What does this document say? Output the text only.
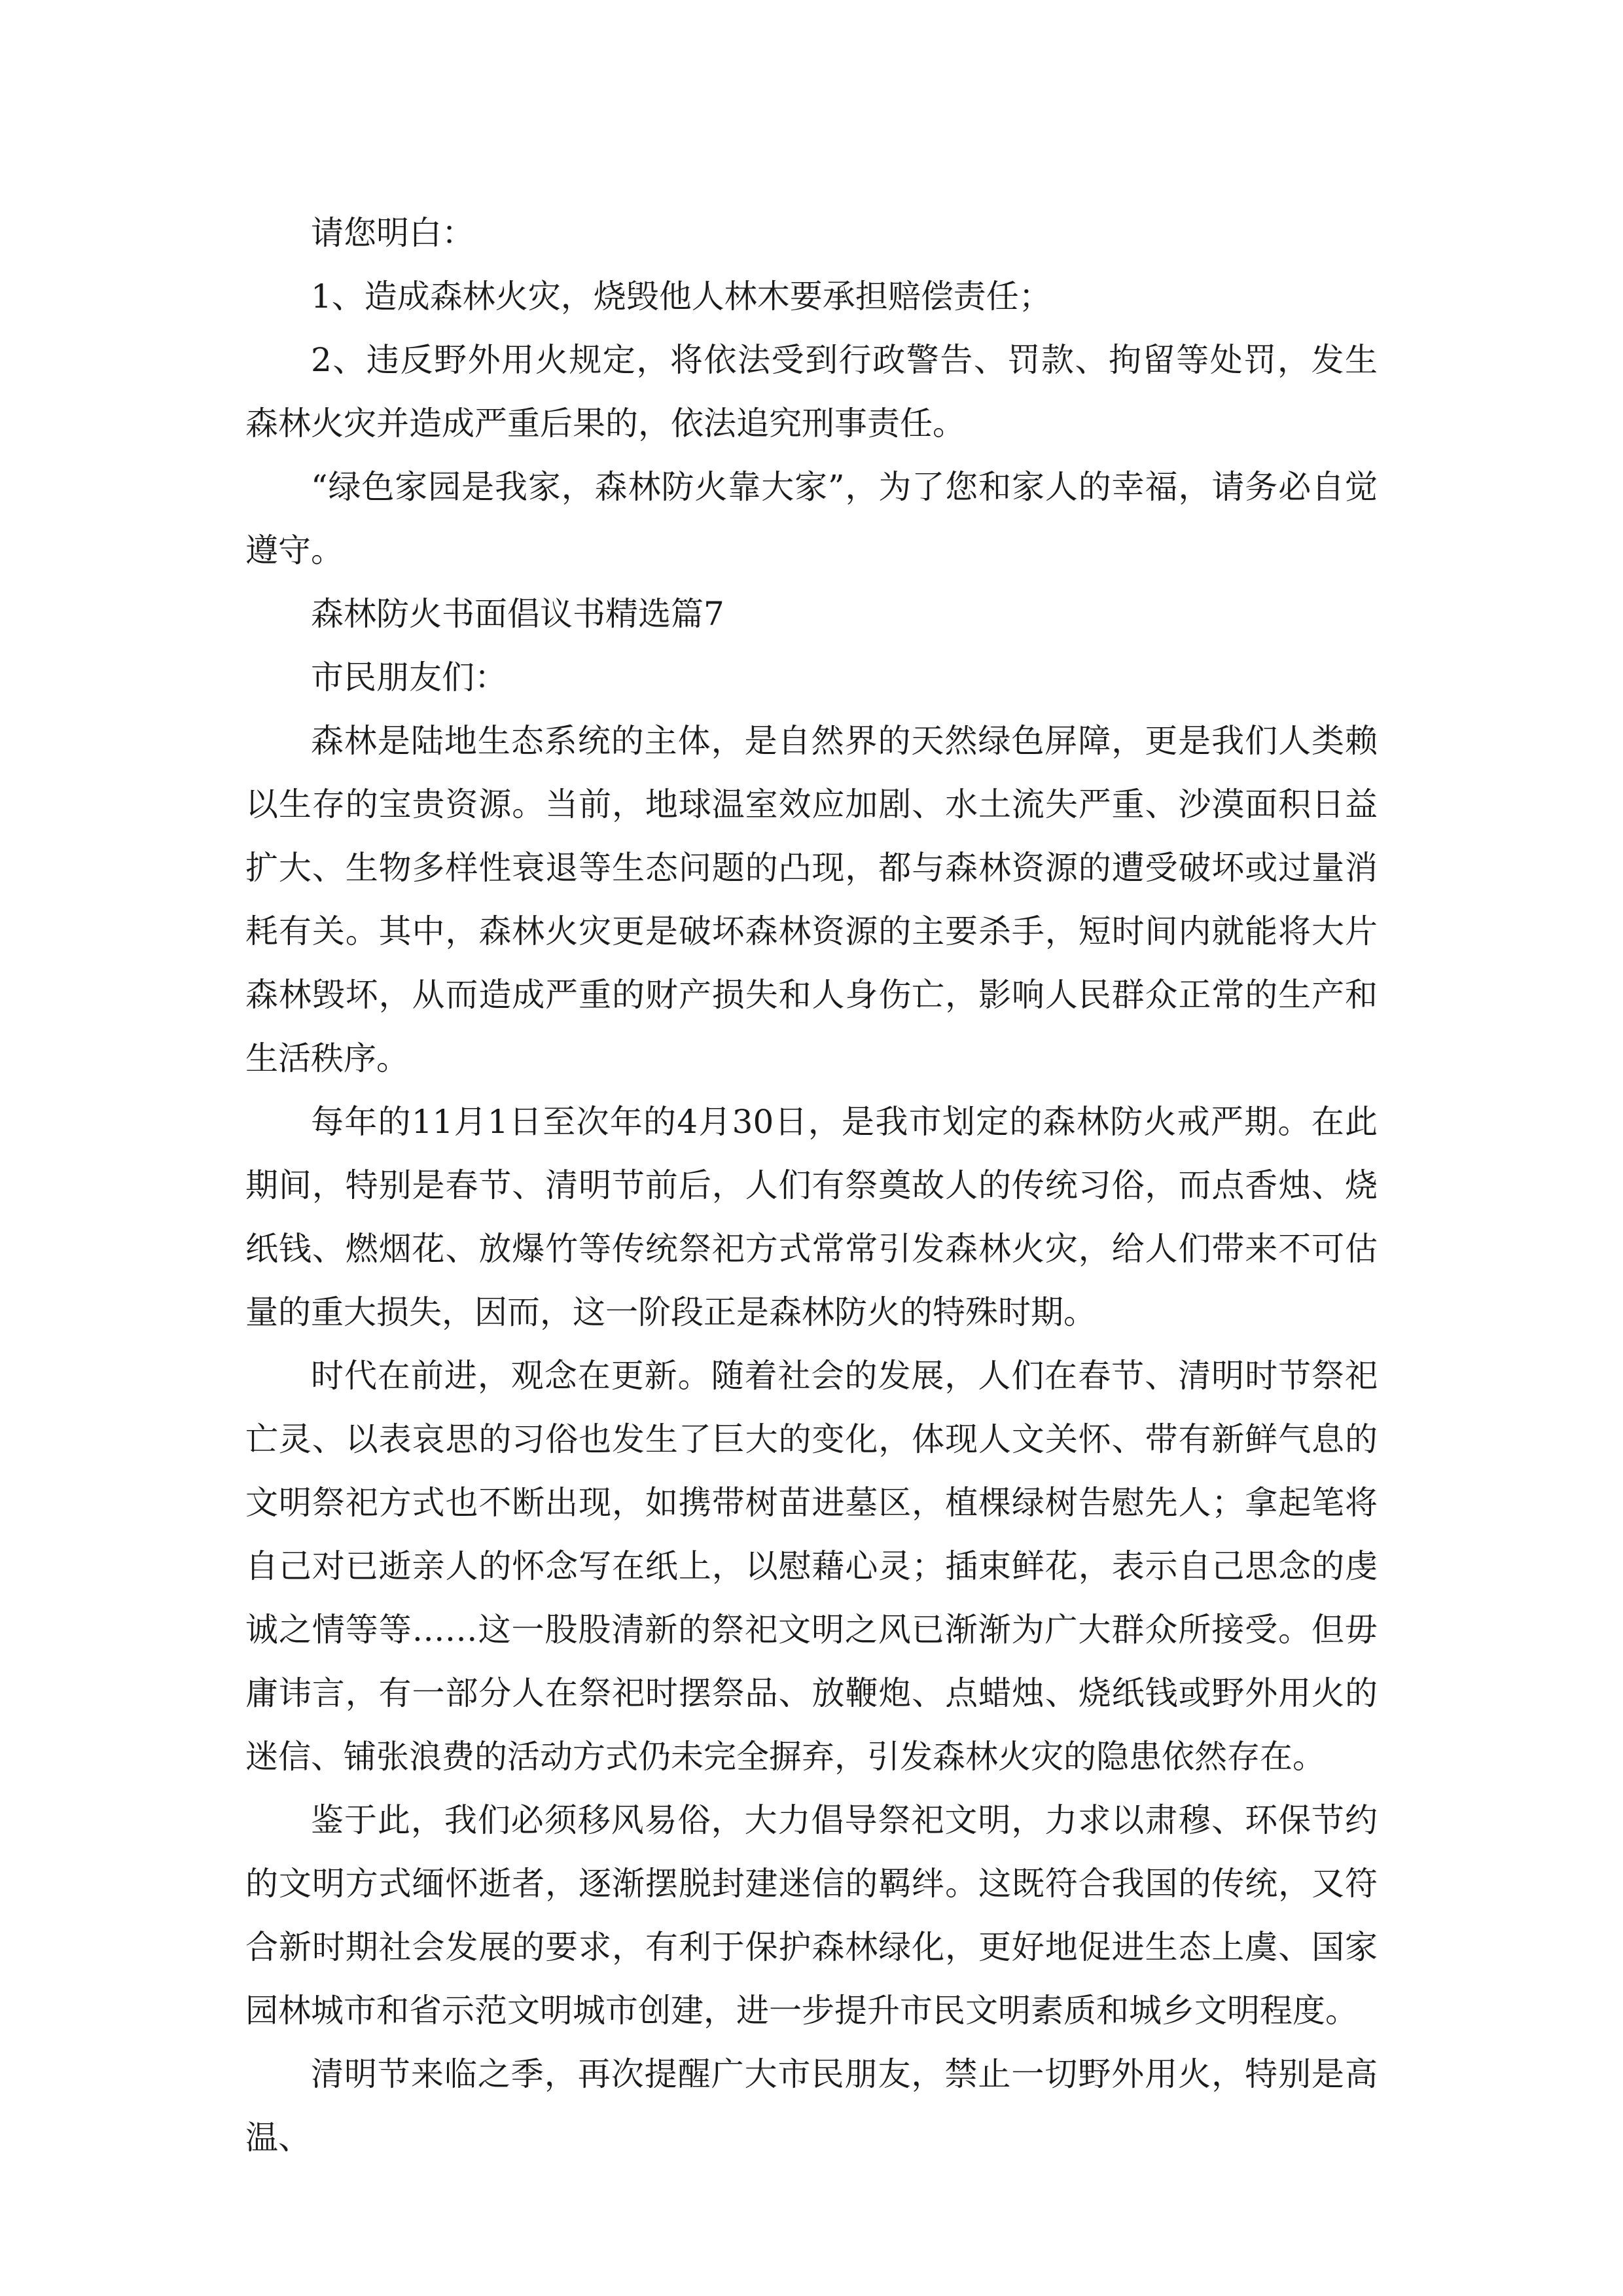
请您明白：

1、造成森林火灾，烧毁他人林木要承担赔偿责任；

2、违反野外用火规定，将依法受到行政警告、罚款、拘留等处罚，发生森林火灾并造成严重后果的，依法追究刑事责任。

“绿色家园是我家，森林防火靠大家”，为了您和家人的幸福，请务必自觉遵守。

森林防火书面倡议书精选篇7

市民朋友们：

森林是陆地生态系统的主体，是自然界的天然绿色屏障，更是我们人类赖以生存的宝贵资源。当前，地球温室效应加剧、水土流失严重、沙漠面积日益扩大、生物多样性衰退等生态问题的凸现，都与森林资源的遭受破坏或过量消耗有关。其中，森林火灾更是破坏森林资源的主要杀手，短时间内就能将大片森林毁坏，从而造成严重的财产损失和人身伤亡，影响人民群众正常的生产和生活秩序。

每年的11月1日至次年的4月30日，是我市划定的森林防火戒严期。在此期间，特别是春节、清明节前后，人们有祭奠故人的传统习俗，而点香烛、烧纸钱、燃烟花、放爆竹等传统祭祀方式常常引发森林火灾，给人们带来不可估量的重大损失，因而，这一阶段正是森林防火的特殊时期。

时代在前进，观念在更新。随着社会的发展，人们在春节、清明时节祭祀亡灵、以表哀思的习俗也发生了巨大的变化，体现人文关怀、带有新鲜气息的文明祭祀方式也不断出现，如携带树苗进墓区，植棵绿树告慰先人；拿起笔将自己对已逝亲人的怀念写在纸上，以慰藉心灵；插束鲜花，表示自己思念的虔诚之情等等……这一股股清新的祭祀文明之风已渐渐为广大群众所接受。但毋庸讳言，有一部分人在祭祀时摆祭品、放鞭炮、点蜡烛、烧纸钱或野外用火的迷信、铺张浪费的活动方式仍未完全摒弃，引发森林火灾的隐患依然存在。

鉴于此，我们必须移风易俗，大力倡导祭祀文明，力求以肃穆、环保节约的文明方式缅怀逝者，逐渐摆脱封建迷信的羁绊。这既符合我国的传统，又符合新时期社会发展的要求，有利于保护森林绿化，更好地促进生态上虞、国家园林城市和省示范文明城市创建，进一步提升市民文明素质和城乡文明程度。

清明节来临之季，再次提醒广大市民朋友，禁止一切野外用火，特别是高温、
